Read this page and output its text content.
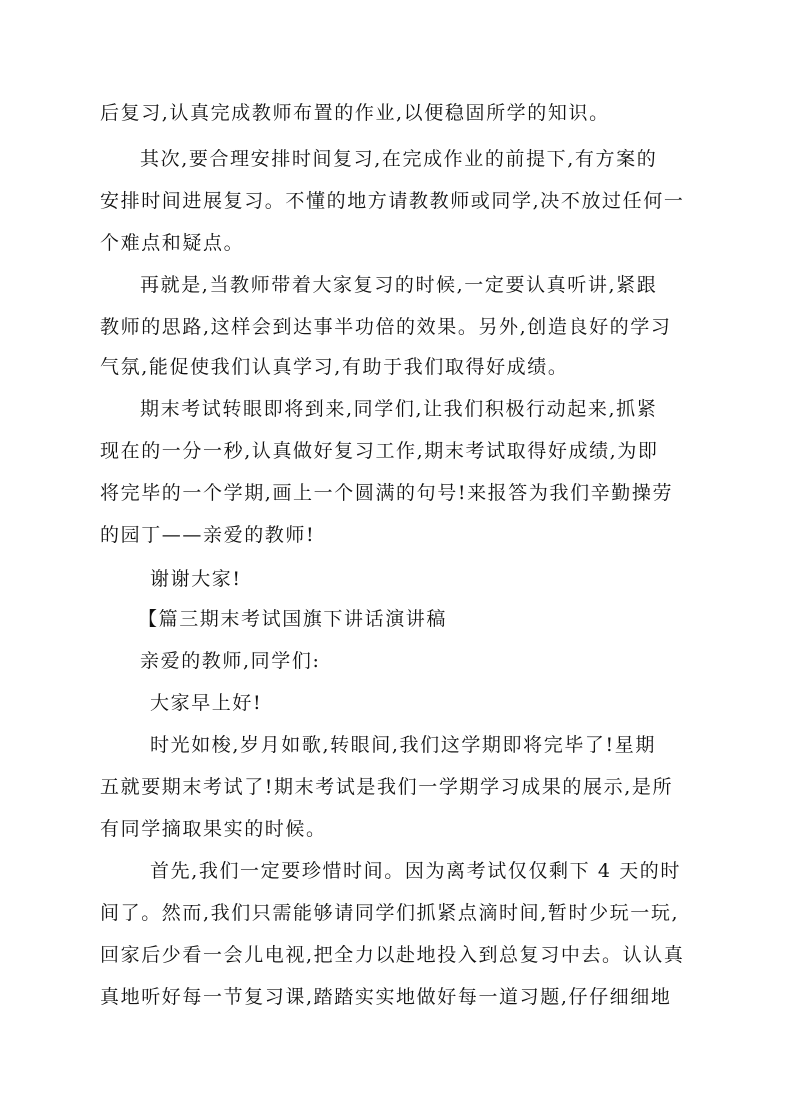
后复习,认真完成教师布置的作业,以便稳固所学的知识。
其次,要合理安排时间复习,在完成作业的前提下,有方案的
安排时间进展复习。不懂的地方请教教师或同学,决不放过任何一
个难点和疑点。
再就是,当教师带着大家复习的时候,一定要认真听讲,紧跟
教师的思路,这样会到达事半功倍的效果。另外,创造良好的学习
气氛,能促使我们认真学习,有助于我们取得好成绩。
期末考试转眼即将到来,同学们,让我们积极行动起来,抓紧
现在的一分一秒,认真做好复习工作,期末考试取得好成绩,为即
将完毕的一个学期,画上一个圆满的句号!来报答为我们辛勤操劳
的园丁——亲爱的教师!
谢谢大家!
【篇三期末考试国旗下讲话演讲稿
亲爱的教师,同学们:
大家早上好!
时光如梭,岁月如歌,转眼间,我们这学期即将完毕了!星期
五就要期末考试了!期末考试是我们一学期学习成果的展示,是所
有同学摘取果实的时候。
首先,我们一定要珍惜时间。因为离考试仅仅剩下 4 天的时
间了。然而,我们只需能够请同学们抓紧点滴时间,暂时少玩一玩,
回家后少看一会儿电视,把全力以赴地投入到总复习中去。认认真
真地听好每一节复习课,踏踏实实地做好每一道习题,仔仔细细地
